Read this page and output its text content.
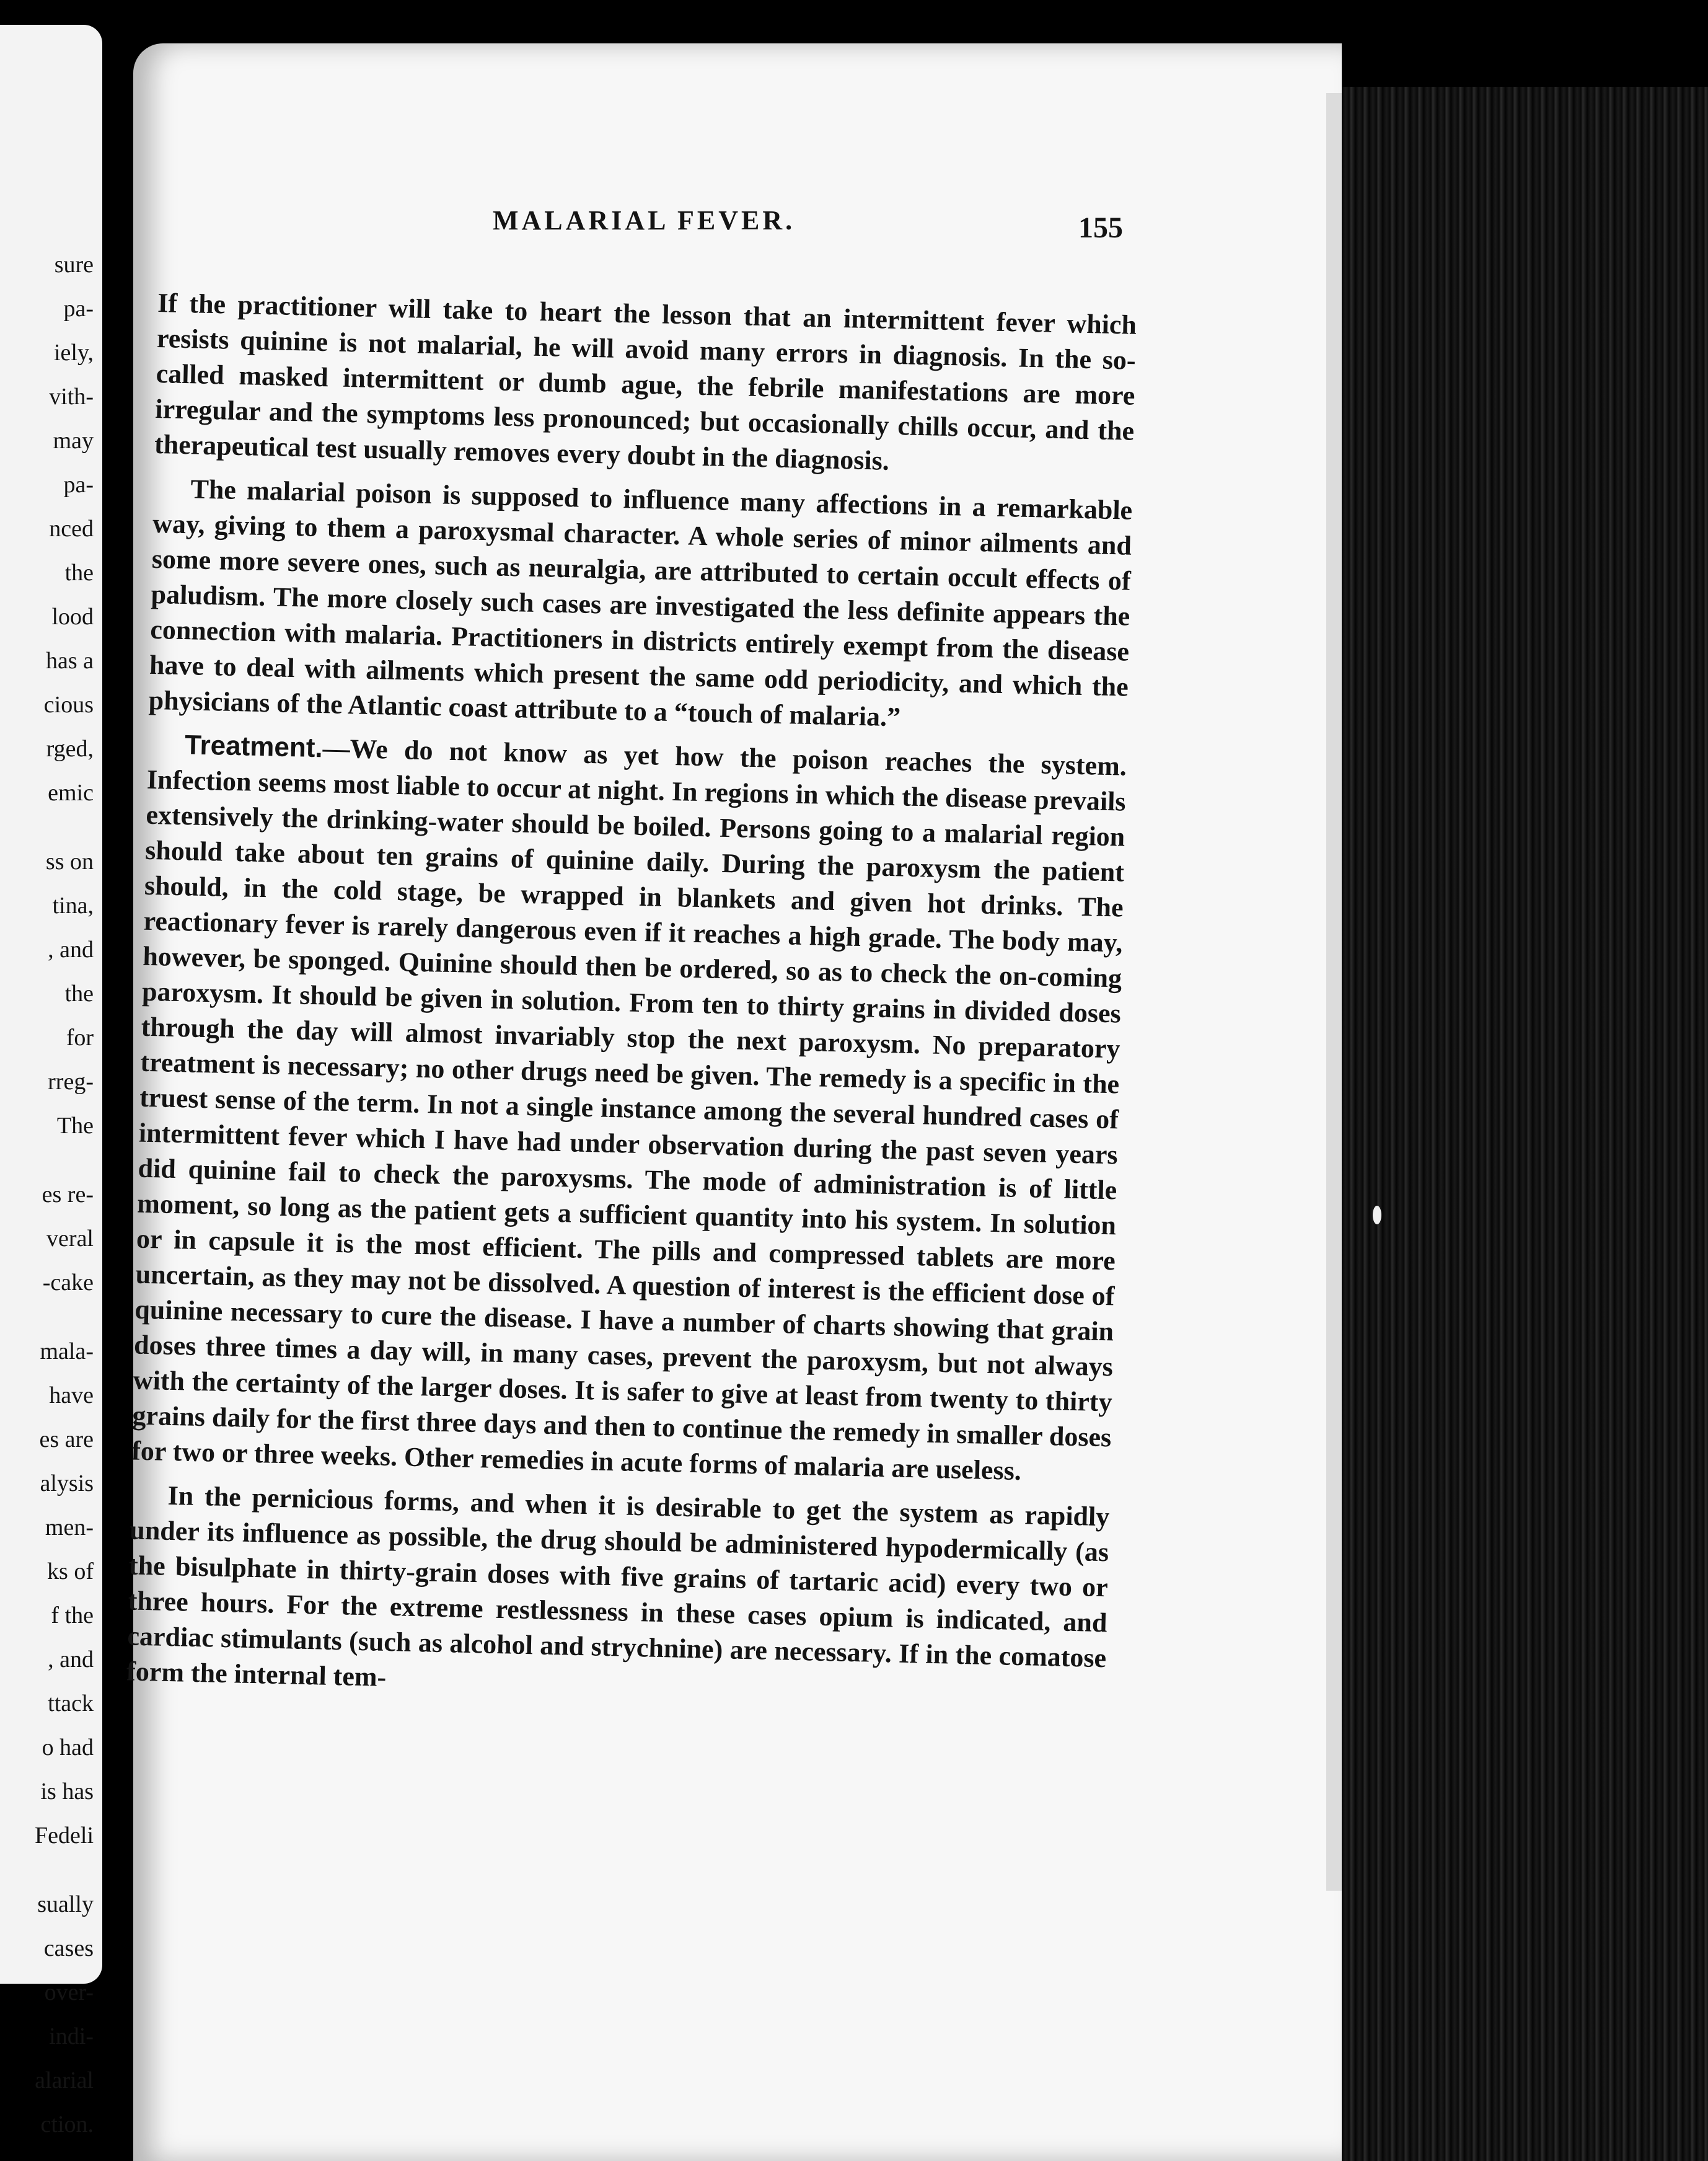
sure
pa-
iely,
vith-
may
pa-
nced
the
lood
has a
cious
rged,
emic
ss on
tina,
, and
the
for
rreg-
The
es re-
veral
-cake
mala-
have
es are
alysis
men-
ks of
f the
, and
ttack
o had
is has
Fedeli
sually
cases
over-
indi-
alarial
ction.
MALARIAL FEVER.	155

If the practitioner will take to heart the lesson that an intermittent fever which resists quinine is not malarial, he will avoid many errors in diagnosis. In the so-called masked intermittent or dumb ague, the febrile manifestations are more irregular and the symptoms less pronounced; but occasionally chills occur, and the therapeutical test usually removes every doubt in the diagnosis.

The malarial poison is supposed to influence many affections in a remarkable way, giving to them a paroxysmal character. A whole series of minor ailments and some more severe ones, such as neuralgia, are attributed to certain occult effects of paludism. The more closely such cases are investigated the less definite appears the connection with malaria. Practitioners in districts entirely exempt from the disease have to deal with ailments which present the same odd periodicity, and which the physicians of the Atlantic coast attribute to a “touch of malaria.”

Treatment.—We do not know as yet how the poison reaches the system. Infection seems most liable to occur at night. In regions in which the disease prevails extensively the drinking-water should be boiled. Persons going to a malarial region should take about ten grains of quinine daily. During the paroxysm the patient should, in the cold stage, be wrapped in blankets and given hot drinks. The reactionary fever is rarely dangerous even if it reaches a high grade. The body may, however, be sponged. Quinine should then be ordered, so as to check the on-coming paroxysm. It should be given in solution. From ten to thirty grains in divided doses through the day will almost invariably stop the next paroxysm. No preparatory treatment is necessary; no other drugs need be given. The remedy is a specific in the truest sense of the term. In not a single instance among the several hundred cases of intermittent fever which I have had under observation during the past seven years did quinine fail to check the paroxysms. The mode of administration is of little moment, so long as the patient gets a sufficient quantity into his system. In solution or in capsule it is the most efficient. The pills and compressed tablets are more uncertain, as they may not be dissolved. A question of interest is the efficient dose of quinine necessary to cure the disease. I have a number of charts showing that grain doses three times a day will, in many cases, prevent the paroxysm, but not always with the certainty of the larger doses. It is safer to give at least from twenty to thirty grains daily for the first three days and then to continue the remedy in smaller doses for two or three weeks. Other remedies in acute forms of malaria are useless.

In the pernicious forms, and when it is desirable to get the system as rapidly under its influence as possible, the drug should be administered hypodermically (as the bisulphate in thirty-grain doses with five grains of tartaric acid) every two or three hours. For the extreme restlessness in these cases opium is indicated, and cardiac stimulants (such as alcohol and strychnine) are necessary. If in the comatose form the internal tem-
